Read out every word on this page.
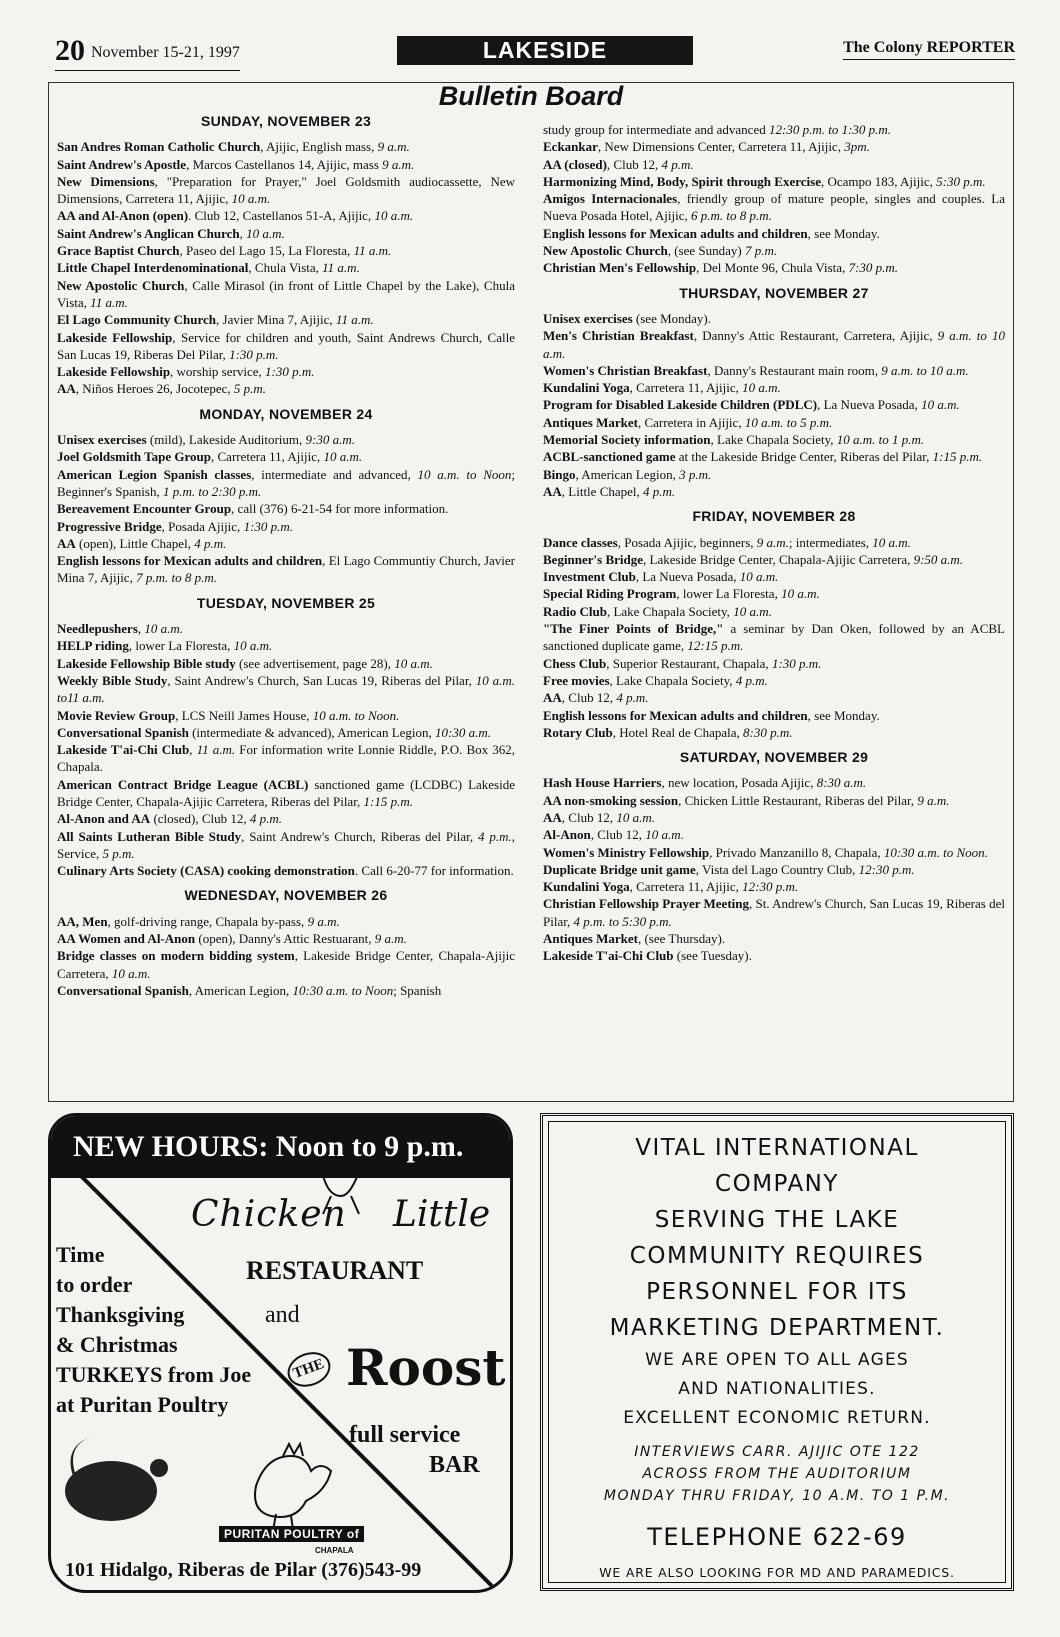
20 November 15-21, 1997	LAKESIDE	The Colony REPORTER
Bulletin Board
SUNDAY, NOVEMBER 23

San Andres Roman Catholic Church, Ajijic, English mass, 9 a.m.

Saint Andrew's Apostle, Marcos Castellanos 14, Ajijic, mass 9 a.m.

New Dimensions, "Preparation for Prayer," Joel Goldsmith audiocassette, New Dimensions, Carretera 11, Ajijic, 10 a.m.

AA and Al-Anon (open). Club 12, Castellanos 51-A, Ajijic, 10 a.m.

Saint Andrew's Anglican Church, 10 a.m.

Grace Baptist Church, Paseo del Lago 15, La Floresta, 11 a.m.

Little Chapel Interdenominational, Chula Vista, 11 a.m.

New Apostolic Church, Calle Mirasol (in front of Little Chapel by the Lake), Chula Vista, 11 a.m.

El Lago Community Church, Javier Mina 7, Ajijic, 11 a.m.

Lakeside Fellowship, Service for children and youth, Saint Andrews Church, Calle San Lucas 19, Riberas Del Pilar, 1:30 p.m.

Lakeside Fellowship, worship service, 1:30 p.m.

AA, Niños Heroes 26, Jocotepec, 5 p.m.

MONDAY, NOVEMBER 24

Unisex exercises (mild), Lakeside Auditorium, 9:30 a.m.

Joel Goldsmith Tape Group, Carretera 11, Ajijic, 10 a.m.

American Legion Spanish classes, intermediate and advanced, 10 a.m. to Noon; Beginner's Spanish, 1 p.m. to 2:30 p.m.

Bereavement Encounter Group, call (376) 6-21-54 for more information.

Progressive Bridge, Posada Ajijic, 1:30 p.m.

AA (open), Little Chapel, 4 p.m.

English lessons for Mexican adults and children, El Lago Communtiy Church, Javier Mina 7, Ajijic, 7 p.m. to 8 p.m.

TUESDAY, NOVEMBER 25

Needlepushers, 10 a.m.

HELP riding, lower La Floresta, 10 a.m.

Lakeside Fellowship Bible study (see advertisement, page 28), 10 a.m.

Weekly Bible Study, Saint Andrew's Church, San Lucas 19, Riberas del Pilar, 10 a.m. to11 a.m.

Movie Review Group, LCS Neill James House, 10 a.m. to Noon.

Conversational Spanish (intermediate & advanced), American Legion, 10:30 a.m.

Lakeside T'ai-Chi Club, 11 a.m. For information write Lonnie Riddle, P.O. Box 362, Chapala.

American Contract Bridge League (ACBL) sanctioned game (LCDBC) Lakeside Bridge Center, Chapala-Ajijic Carretera, Riberas del Pilar, 1:15 p.m.

Al-Anon and AA (closed), Club 12, 4 p.m.

All Saints Lutheran Bible Study, Saint Andrew's Church, Riberas del Pilar, 4 p.m., Service, 5 p.m.

Culinary Arts Society (CASA) cooking demonstration. Call 6-20-77 for information.

WEDNESDAY, NOVEMBER 26

AA, Men, golf-driving range, Chapala by-pass, 9 a.m.

AA Women and Al-Anon (open), Danny's Attic Restuarant, 9 a.m.

Bridge classes on modern bidding system, Lakeside Bridge Center, Chapala-Ajijic Carretera, 10 a.m.

Conversational Spanish, American Legion, 10:30 a.m. to Noon; Spanish

study group for intermediate and advanced 12:30 p.m. to 1:30 p.m.

Eckankar, New Dimensions Center, Carretera 11, Ajijic, 3pm.

AA (closed), Club 12, 4 p.m.

Harmonizing Mind, Body, Spirit through Exercise, Ocampo 183, Ajijic, 5:30 p.m.

Amigos Internacionales, friendly group of mature people, singles and couples. La Nueva Posada Hotel, Ajijic, 6 p.m. to 8 p.m.

English lessons for Mexican adults and children, see Monday.

New Apostolic Church, (see Sunday) 7 p.m.

Christian Men's Fellowship, Del Monte 96, Chula Vista, 7:30 p.m.

THURSDAY, NOVEMBER 27

Unisex exercises (see Monday).

Men's Christian Breakfast, Danny's Attic Restaurant, Carretera, Ajijic, 9 a.m. to 10 a.m.

Women's Christian Breakfast, Danny's Restaurant main room, 9 a.m. to 10 a.m.

Kundalini Yoga, Carretera 11, Ajijic, 10 a.m.

Program for Disabled Lakeside Children (PDLC), La Nueva Posada, 10 a.m.

Antiques Market, Carretera in Ajijic, 10 a.m. to 5 p.m.

Memorial Society information, Lake Chapala Society, 10 a.m. to 1 p.m.

ACBL-sanctioned game at the Lakeside Bridge Center, Riberas del Pilar, 1:15 p.m.

Bingo, American Legion, 3 p.m.

AA, Little Chapel, 4 p.m.

FRIDAY, NOVEMBER 28

Dance classes, Posada Ajijic, beginners, 9 a.m.; intermediates, 10 a.m.

Beginner's Bridge, Lakeside Bridge Center, Chapala-Ajijic Carretera, 9:50 a.m.

Investment Club, La Nueva Posada, 10 a.m.

Special Riding Program, lower La Floresta, 10 a.m.

Radio Club, Lake Chapala Society, 10 a.m.

"The Finer Points of Bridge," a seminar by Dan Oken, followed by an ACBL sanctioned duplicate game, 12:15 p.m.

Chess Club, Superior Restaurant, Chapala, 1:30 p.m.

Free movies, Lake Chapala Society, 4 p.m.

AA, Club 12, 4 p.m.

English lessons for Mexican adults and children, see Monday.

Rotary Club, Hotel Real de Chapala, 8:30 p.m.

SATURDAY, NOVEMBER 29

Hash House Harriers, new location, Posada Ajijic, 8:30 a.m.

AA non-smoking session, Chicken Little Restaurant, Riberas del Pilar, 9 a.m.

AA, Club 12, 10 a.m.

Al-Anon, Club 12, 10 a.m.

Women's Ministry Fellowship, Privado Manzanillo 8, Chapala, 10:30 a.m. to Noon.

Duplicate Bridge unit game, Vista del Lago Country Club, 12:30 p.m.

Kundalini Yoga, Carretera 11, Ajijic, 12:30 p.m.

Christian Fellowship Prayer Meeting, St. Andrew's Church, San Lucas 19, Riberas del Pilar, 4 p.m. to 5:30 p.m.

Antiques Market, (see Thursday).

Lakeside T'ai-Chi Club (see Tuesday).

NEW HOURS: Noon to 9 p.m.
Chicken Little
Time
to order
Thanksgiving
& Christmas
TURKEYS from Joe
at Puritan Poultry
RESTAURANT
and
THE Roost
full service
BAR
PURITAN POULTRY of
CHAPALA
101 Hidalgo, Riberas de Pilar (376)543-99
VITAL INTERNATIONAL
COMPANY
SERVING THE LAKE
COMMUNITY REQUIRES
PERSONNEL FOR ITS
MARKETING DEPARTMENT.
WE ARE OPEN TO ALL AGES
AND NATIONALITIES.
EXCELLENT ECONOMIC RETURN.
INTERVIEWS CARR. AJIJIC OTE 122
ACROSS FROM THE AUDITORIUM
MONDAY THRU FRIDAY, 10 A.M. TO 1 P.M.
TELEPHONE 622-69
WE ARE ALSO LOOKING FOR MD AND PARAMEDICS.
